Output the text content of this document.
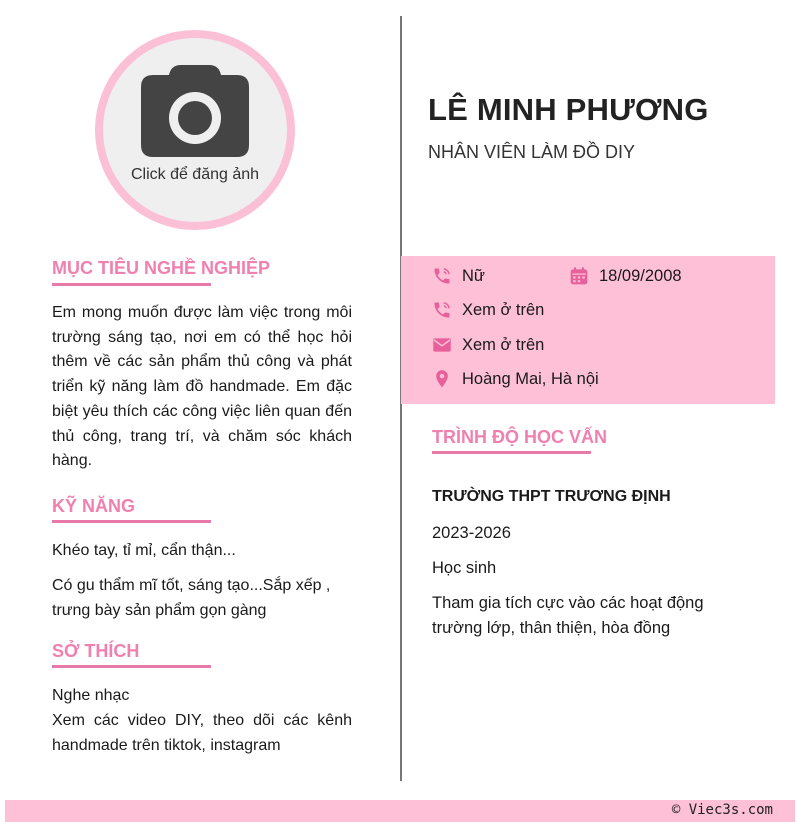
Click để đăng ảnh
MỤC TIÊU NGHỀ NGHIỆP
Em mong muốn được làm việc trong môi trường sáng tạo, nơi em có thể học hỏi thêm về các sản phẩm thủ công và phát triển kỹ năng làm đồ handmade. Em đặc biệt yêu thích các công việc liên quan đến thủ công, trang trí, và chăm sóc khách hàng.
KỸ NĂNG
Khéo tay, tỉ mỉ, cẩn thận...
Có gu thẩm mĩ tốt, sáng tạo...Sắp xếp , trưng bày sản phẩm gọn gàng
SỞ THÍCH
Nghe nhạc
Xem các video DIY, theo dõi các kênh handmade trên tiktok, instagram
LÊ MINH PHƯƠNG
NHÂN VIÊN LÀM ĐỒ DIY
Nữ	18/09/2008
Xem ở trên
Xem ở trên
Hoàng Mai, Hà nội
TRÌNH ĐỘ HỌC VẤN
TRƯỜNG THPT TRƯƠNG ĐỊNH
2023-2026
Học sinh
Tham gia tích cực vào các hoạt động trường lớp, thân thiện, hòa đồng
© Viec3s.com
